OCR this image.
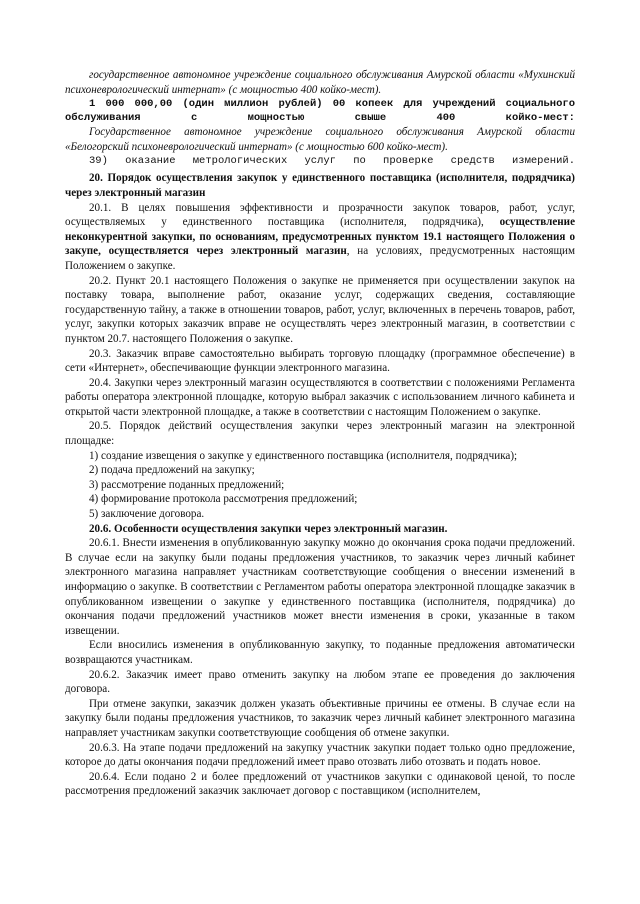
государственное автономное учреждение социального обслуживания Амурской области «Мухинский психоневрологический интернат» (с мощностью 400 койко-мест).

1 000 000,00 (один миллион рублей) 00 копеек для учреждений социального обслуживания с мощностью свыше 400 койко-мест:

Государственное автономное учреждение социального обслуживания Амурской области «Белогорский психоневрологический интернат» (с мощностью 600 койко-мест).

39) оказание метрологических услуг по проверке средств измерений.

20. Порядок осуществления закупок у единственного поставщика (исполнителя, подрядчика) через электронный магазин

20.1. В целях повышения эффективности и прозрачности закупок товаров, работ, услуг, осуществляемых у единственного поставщика (исполнителя, подрядчика), осуществление неконкурентной закупки, по основаниям, предусмотренных пунктом 19.1 настоящего Положения о закупе, осуществляется через электронный магазин, на условиях, предусмотренных настоящим Положением о закупке.

20.2. Пункт 20.1 настоящего Положения о закупке не применяется при осуществлении закупок на поставку товара, выполнение работ, оказание услуг, содержащих сведения, составляющие государственную тайну, а также в отношении товаров, работ, услуг, включенных в перечень товаров, работ, услуг, закупки которых заказчик вправе не осуществлять через электронный магазин, в соответствии с пунктом 20.7. настоящего Положения о закупке.

20.3. Заказчик вправе самостоятельно выбирать торговую площадку (программное обеспечение) в сети «Интернет», обеспечивающие функции электронного магазина.

20.4. Закупки через электронный магазин осуществляются в соответствии с положениями Регламента работы оператора электронной площадке, которую выбрал заказчик с использованием личного кабинета и открытой части электронной площадке, а также в соответствии с настоящим Положением о закупке.

20.5. Порядок действий осуществления закупки через электронный магазин на электронной площадке:

1) создание извещения о закупке у единственного поставщика (исполнителя, подрядчика);

2) подача предложений на закупку;

3) рассмотрение поданных предложений;

4) формирование протокола рассмотрения предложений;

5) заключение договора.

20.6. Особенности осуществления закупки через электронный магазин.

20.6.1. Внести изменения в опубликованную закупку можно до окончания срока подачи предложений. В случае если на закупку были поданы предложения участников, то заказчик через личный кабинет электронного магазина направляет участникам соответствующие сообщения о внесении изменений в информацию о закупке. В соответствии с Регламентом работы оператора электронной площадке заказчик в опубликованном извещении о закупке у единственного поставщика (исполнителя, подрядчика) до окончания подачи предложений участников может внести изменения в сроки, указанные в таком извещении.

Если вносились изменения в опубликованную закупку, то поданные предложения автоматически возвращаются участникам.

20.6.2. Заказчик имеет право отменить закупку на любом этапе ее проведения до заключения договора.

При отмене закупки, заказчик должен указать объективные причины ее отмены. В случае если на закупку были поданы предложения участников, то заказчик через личный кабинет электронного магазина направляет участникам закупки соответствующие сообщения об отмене закупки.

20.6.3. На этапе подачи предложений на закупку участник закупки подает только одно предложение, которое до даты окончания подачи предложений имеет право отозвать либо отозвать и подать новое.

20.6.4. Если подано 2 и более предложений от участников закупки с одинаковой ценой, то после рассмотрения предложений заказчик заключает договор с поставщиком (исполнителем,
